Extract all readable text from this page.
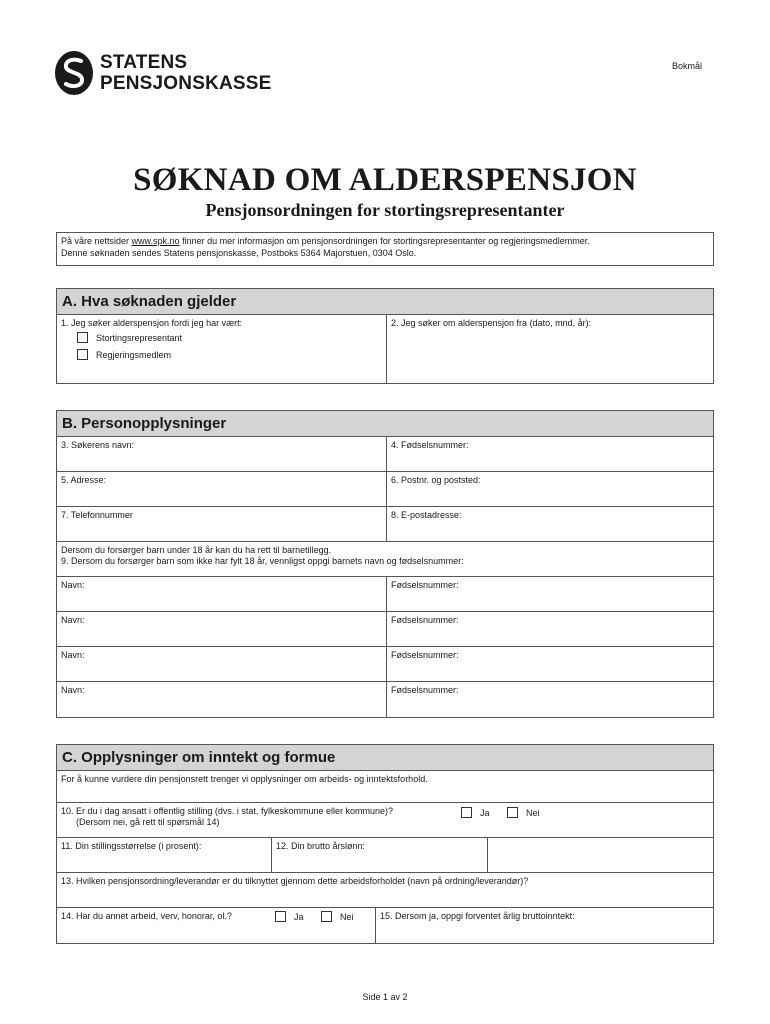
STATENS
PENSJONSKASSE
Bokmål
SØKNAD OM ALDERSPENSJON
Pensjonsordningen for stortingsrepresentanter
På våre nettsider www.spk.no finner du mer informasjon om pensjonsordningen for stortingsrepresentanter og regjeringsmedlemmer.
Denne søknaden sendes Statens pensjonskasse, Postboks 5364 Majorstuen, 0304 Oslo.
A. Hva søknaden gjelder
1. Jeg søker alderspensjon fordi jeg har vært:
Stortingsrepresentant
Regjeringsmedlem
2. Jeg søker om alderspensjon fra (dato, mnd, år):
B. Personopplysninger
3. Søkerens navn:	4. Fødselsnummer:
5. Adresse:	6. Postnr. og poststed:
7. Telefonnummer	8. E-postadresse:
Dersom du forsørger barn under 18 år kan du ha rett til barnetillegg.
9. Dersom du forsørger barn som ikke har fylt 18 år, vennligst oppgi barnets navn og fødselsnummer:
Navn:	Fødselsnummer:
Navn:	Fødselsnummer:
Navn:	Fødselsnummer:
Navn:	Fødselsnummer:
C. Opplysninger om inntekt og formue
For å kunne vurdere din pensjonsrett trenger vi opplysninger om arbeids- og inntektsforhold.
10. Er du i dag ansatt i offentlig stilling (dvs. i stat, fylkeskommune eller kommune)?
(Dersom nei, gå rett til spørsmål 14)
Ja	Nei
11. Din stillingsstørrelse (i prosent):	12. Din brutto årslønn:
13. Hvilken pensjonsordning/leverandør er du tilknyttet gjennom dette arbeidsforholdet (navn på ordning/leverandør)?
14. Har du annet arbeid, verv, honorar, ol.?	Ja	Nei	15. Dersom ja, oppgi forventet årlig bruttoinntekt:
Side 1 av 2
